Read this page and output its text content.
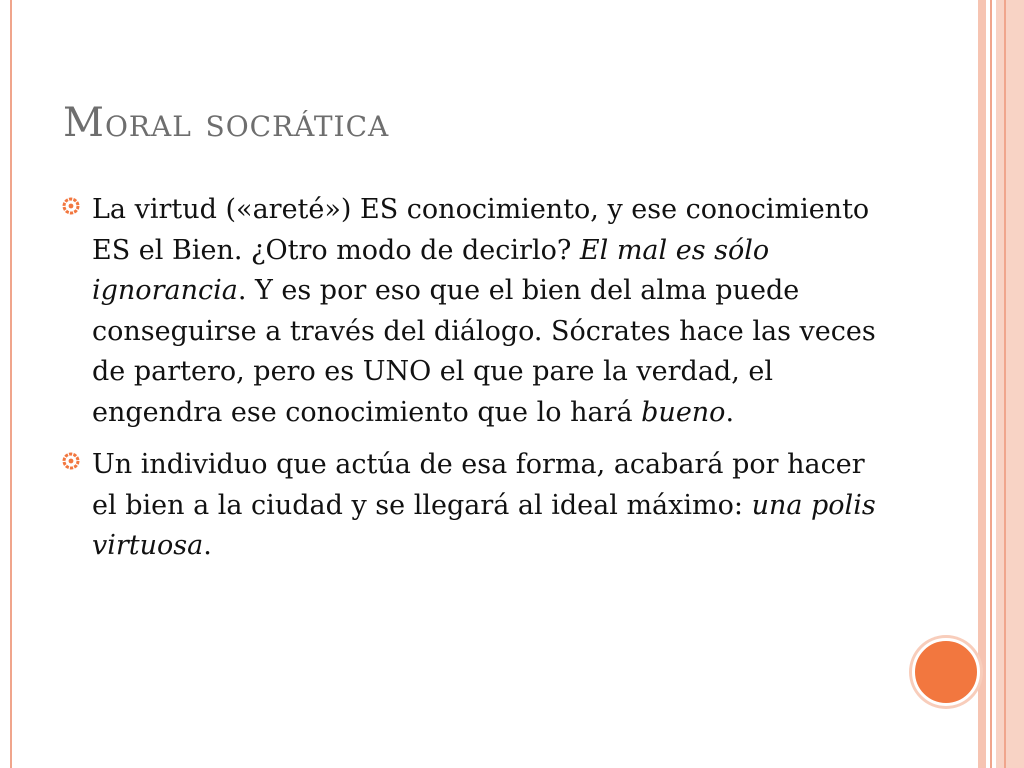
Moral socrática
La virtud («areté») ES conocimiento, y ese conocimiento ES el Bien. ¿Otro modo de decirlo? El mal es sólo ignorancia. Y es por eso que el bien del alma puede conseguirse a través del diálogo. Sócrates hace las veces de partero, pero es UNO el que pare la verdad, el engendra ese conocimiento que lo hará bueno.
Un individuo que actúa de esa forma, acabará por hacer el bien a la ciudad y se llegará al ideal máximo: una polis virtuosa.
